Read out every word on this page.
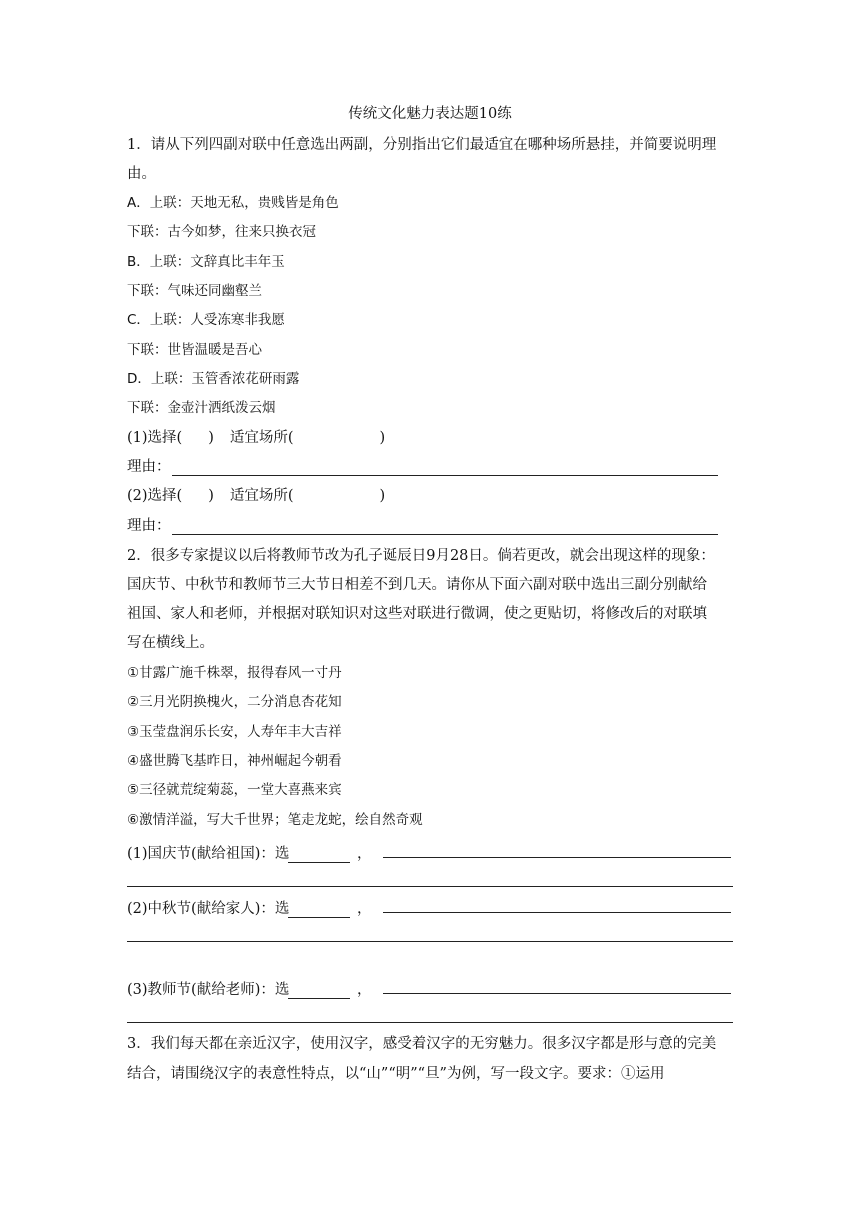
传统文化魅力表达题10练
1．请从下列四副对联中任意选出两副，分别指出它们最适宜在哪种场所悬挂，并简要说明理
由。
A．上联：天地无私，贵贱皆是角色
下联：古今如梦，往来只换衣冠
B．上联：文辞真比丰年玉
下联：气味还同幽壑兰
C．上联：人受冻寒非我愿
下联：世皆温暖是吾心
D．上联：玉管香浓花研雨露
下联：金壶汁洒纸泼云烟
(1)选择( ) 适宜场所(	)
理由：
(2)选择( ) 适宜场所(	)
理由：
2．很多专家提议以后将教师节改为孔子诞辰日9月28日。倘若更改，就会出现这样的现象：
国庆节、中秋节和教师节三大节日相差不到几天。请你从下面六副对联中选出三副分别献给
祖国、家人和老师，并根据对联知识对这些对联进行微调，使之更贴切，将修改后的对联填
写在横线上。
①甘露广施千株翠，报得春风一寸丹
②三月光阴换槐火，二分消息杏花知
③玉莹盘润乐长安，人寿年丰大吉祥
④盛世腾飞基昨日，神州崛起今朝看
⑤三径就荒绽菊蕊，一堂大喜燕来宾
⑥激情洋溢，写大千世界；笔走龙蛇，绘自然奇观
(1)国庆节(献给祖国)：选	，
(2)中秋节(献给家人)：选	，
(3)教师节(献给老师)：选	，
3．我们每天都在亲近汉字，使用汉字，感受着汉字的无穷魅力。很多汉字都是形与意的完美
结合，请围绕汉字的表意性特点，以“山”“明”“旦”为例，写一段文字。要求：①运用
